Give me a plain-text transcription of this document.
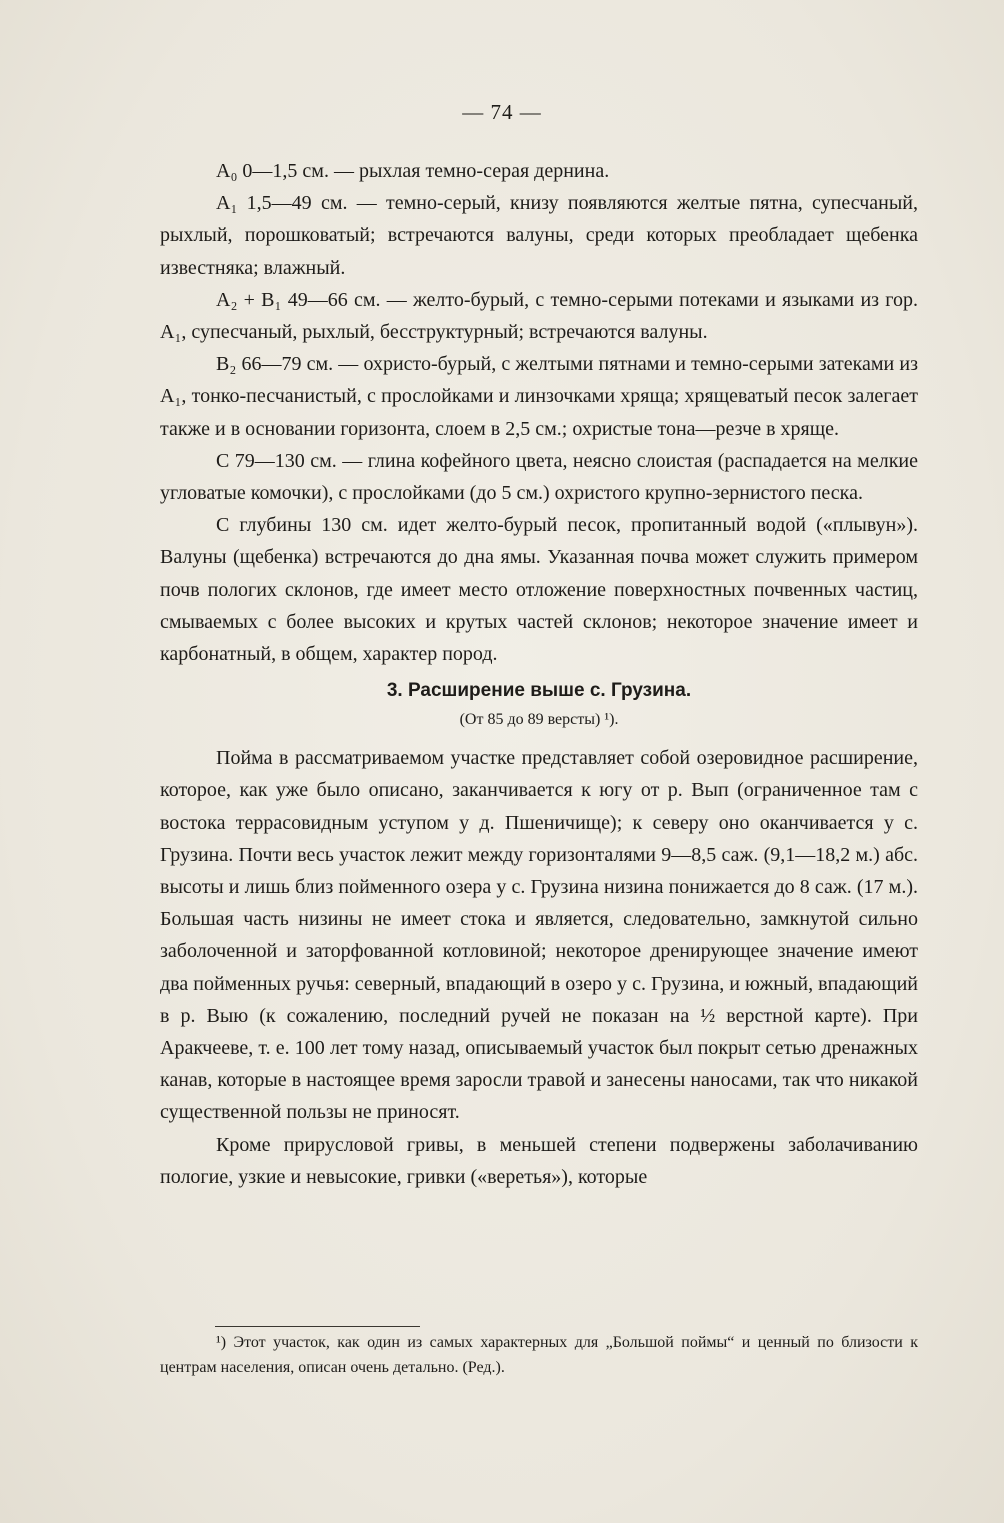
— 74 —

A₀ 0—1,5 см. — рыхлая темно-серая дернина.

A₁ 1,5—49 см. — темно-серый, книзу появляются желтые пятна, супесчаный, рыхлый, порошковатый; встречаются валуны, среди которых преобладает щебенка известняка; влажный.

A₂ + B₁ 49—66 см. — желто-бурый, с темно-серыми потеками и языками из гор. A₁, супесчаный, рыхлый, бесструктурный; встречаются валуны.

B₂ 66—79 см. — охристо-бурый, с желтыми пятнами и темно-серыми затеками из A₁, тонко-песчанистый, с прослойками и линзочками хряща; хрящеватый песок залегает также и в основании горизонта, слоем в 2,5 см.; охристые тона—резче в хряще.

C 79—130 см. — глина кофейного цвета, неясно слоистая (распадается на мелкие угловатые комочки), с прослойками (до 5 см.) охристого крупно-зернистого песка.

С глубины 130 см. идет желто-бурый песок, пропитанный водой («плывун»). Валуны (щебенка) встречаются до дна ямы. Указанная почва может служить примером почв пологих склонов, где имеет место отложение поверхностных почвенных частиц, смываемых с более высоких и крутых частей склонов; некоторое значение имеет и карбонатный, в общем, характер пород.

3. Расширение выше с. Грузина.
(От 85 до 89 версты) ¹).

Пойма в рассматриваемом участке представляет собой озеровидное расширение, которое, как уже было описано, заканчивается к югу от р. Вып (ограниченное там с востока террасовидным уступом у д. Пшеничище); к северу оно оканчивается у с. Грузина. Почти весь участок лежит между горизонталями 9—8,5 саж. (9,1—18,2 м.) абс. высоты и лишь близ пойменного озера у с. Грузина низина понижается до 8 саж. (17 м.). Большая часть низины не имеет стока и является, следовательно, замкнутой сильно заболоченной и заторфованной котловиной; некоторое дренирующее значение имеют два пойменных ручья: северный, впадающий в озеро у с. Грузина, и южный, впадающий в р. Выю (к сожалению, последний ручей не показан на ½ верстной карте). При Аракчееве, т. е. 100 лет тому назад, описываемый участок был покрыт сетью дренажных канав, которые в настоящее время заросли травой и занесены наносами, так что никакой существенной пользы не приносят.

Кроме прирусловой гривы, в меньшей степени подвержены заболачиванию пологие, узкие и невысокие, гривки («веретья»), которые

¹) Этот участок, как один из самых характерных для „Большой поймы“ и ценный по близости к центрам населения, описан очень детально. (Ред.).
